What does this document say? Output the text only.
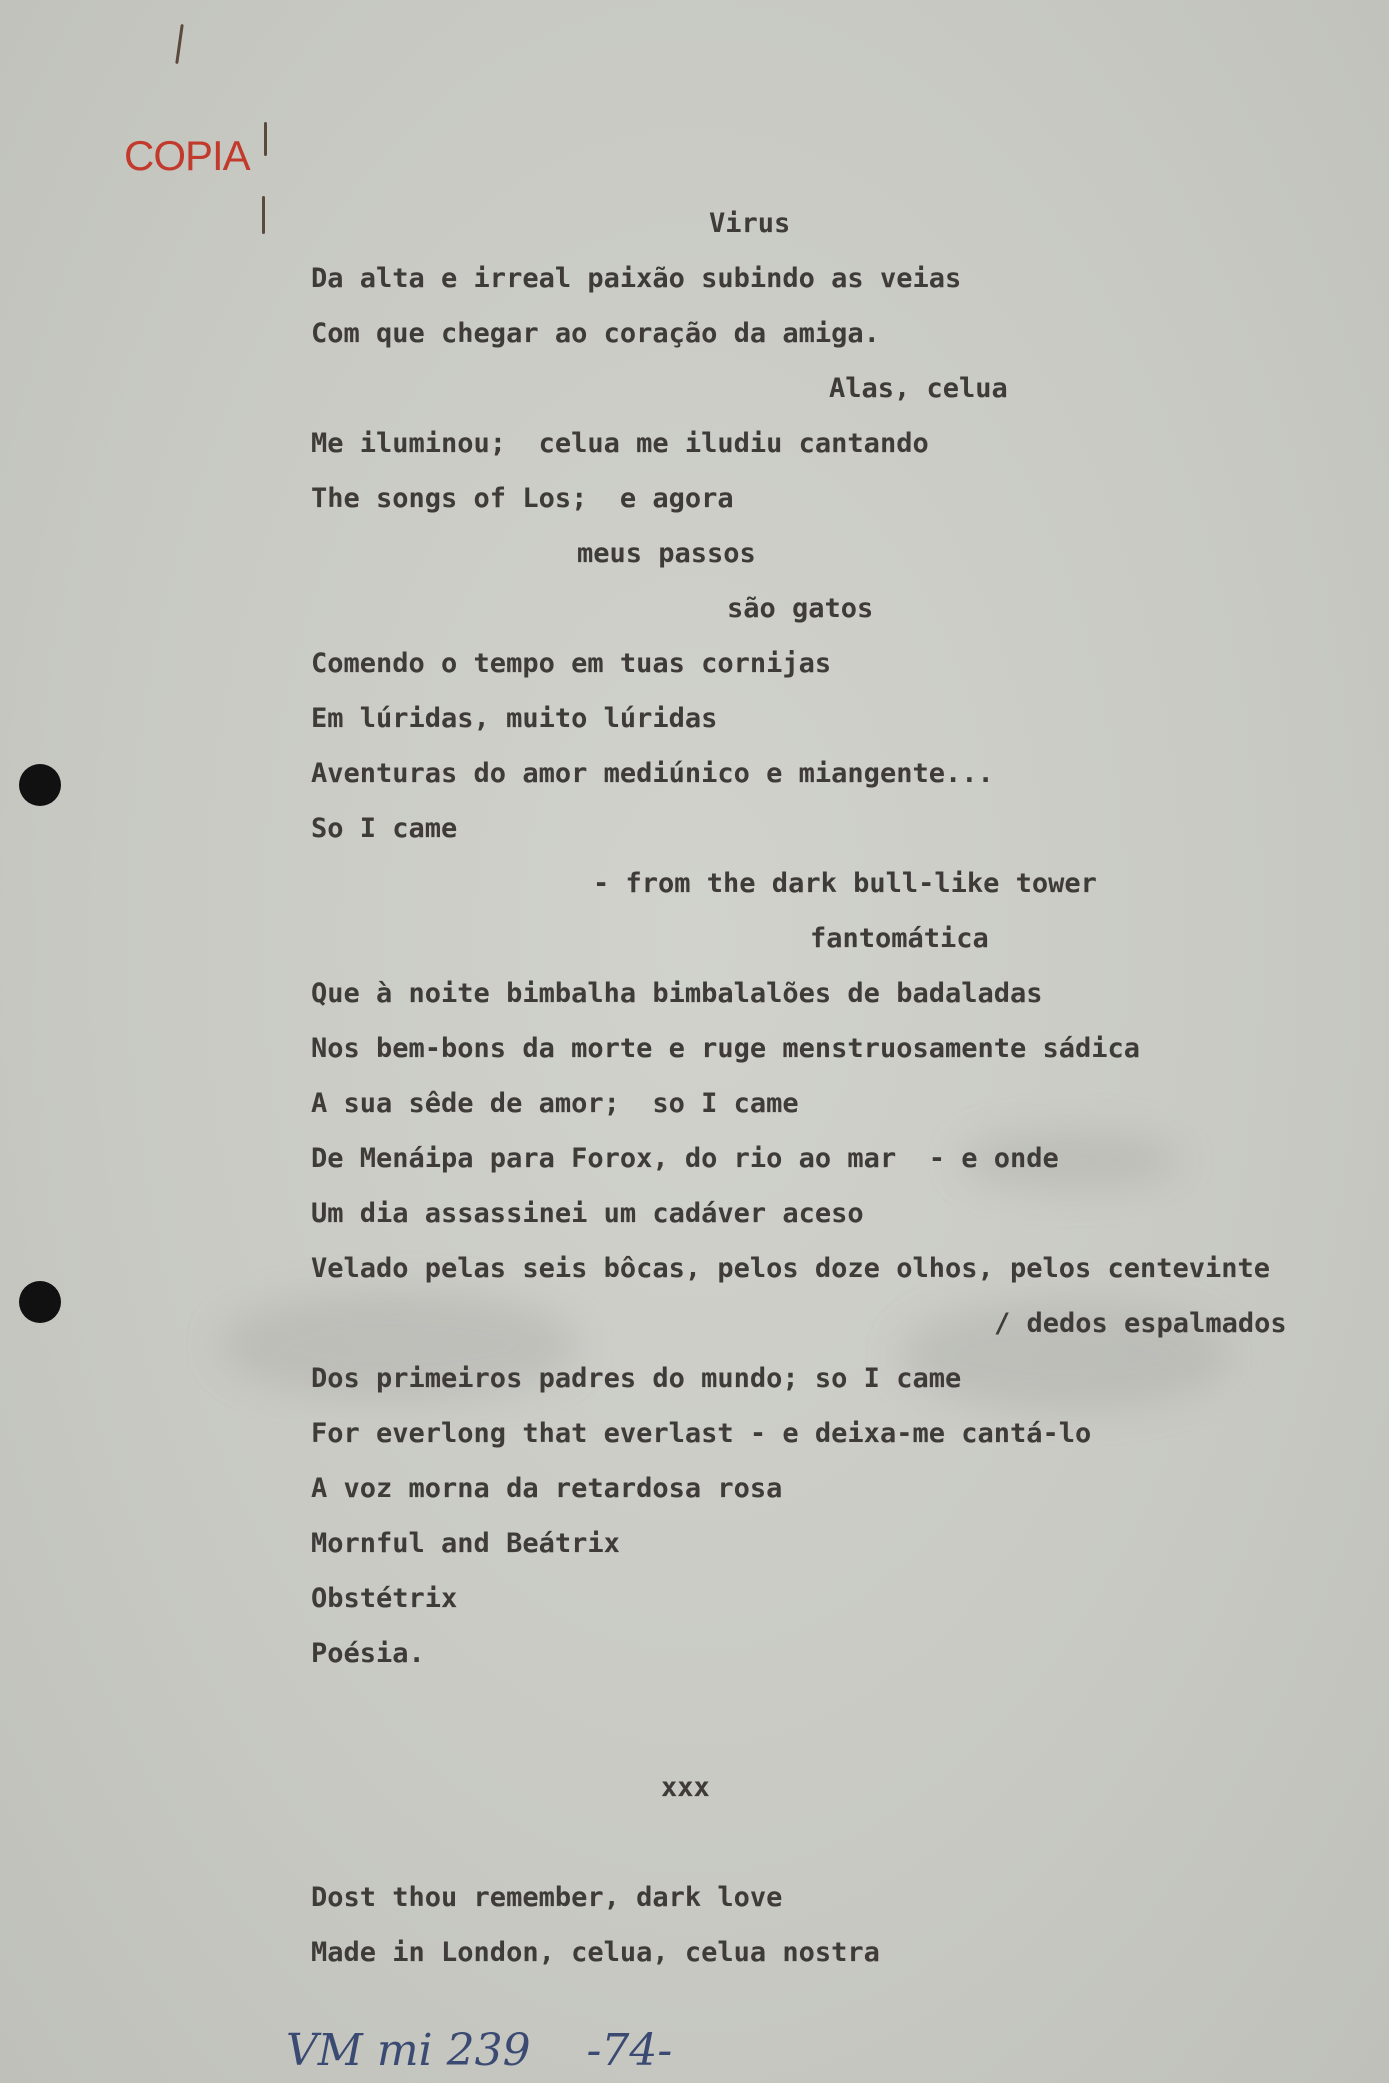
COPIA

Virus

Da alta e irreal paixão subindo as veias

Com que chegar ao coração da amiga.

Alas, celua

Me iluminou;  celua me iludiu cantando

The songs of Los;  e agora

meus passos

são gatos

Comendo o tempo em tuas cornijas

Em lúridas, muito lúridas

Aventuras do amor mediúnico e miangente...

So I came

- from the dark bull-like tower

fantomática

Que à noite bimbalha bimbalalões de badaladas

Nos bem-bons da morte e ruge menstruosamente sádica

A sua sêde de amor;  so I came

De Menáipa para Forox, do rio ao mar  - e onde

Um dia assassinei um cadáver aceso

Velado pelas seis bôcas, pelos doze olhos, pelos centevinte

/ dedos espalmados

Dos primeiros padres do mundo; so I came

For everlong that everlast - e deixa-me cantá-lo

A voz morna da retardosa rosa

Mornful and Beátrix

Obstétrix

Poésia.

xxx

Dost thou remember, dark love

Made in London, celua, celua nostra

VM mi 239    -74-
